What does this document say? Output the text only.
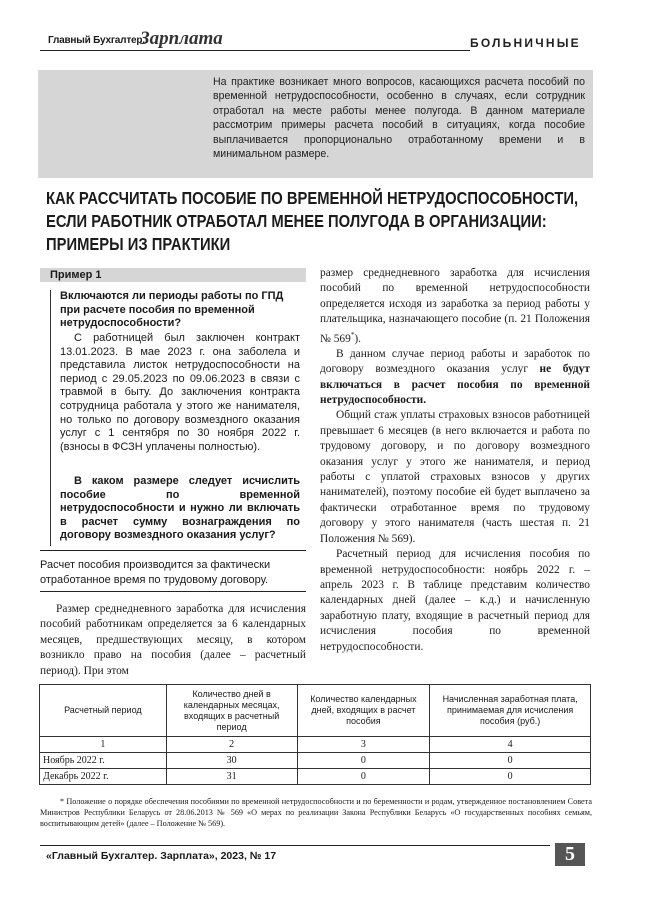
Главный Бухгалтер.
Зарплата	БОЛЬНИЧНЫЕ
На практике возникает много вопросов, касающихся расчета пособий по временной нетрудоспособности, особенно в случаях, если сотрудник отработал на месте работы менее полугода. В данном материале рассмотрим примеры расчета пособий в ситуациях, когда пособие выплачивается пропорционально отработанному времени и в минимальном размере.
КАК РАССЧИТАТЬ ПОСОБИЕ ПО ВРЕМЕННОЙ НЕТРУДОСПОСОБНОСТИ,
ЕСЛИ РАБОТНИК ОТРАБОТАЛ МЕНЕЕ ПОЛУГОДА В ОРГАНИЗАЦИИ:
ПРИМЕРЫ ИЗ ПРАКТИКИ
Пример 1
Включаются ли периоды работы по ГПД при расчете пособия по временной нетрудоспособности?
С работницей был заключен контракт 13.01.2023. В мае 2023 г. она заболела и представила листок нетрудоспособности на период с 29.05.2023 по 09.06.2023 в связи с травмой в быту. До заключения контракта сотрудница работала у этого же нанимателя, но только по договору возмездного оказания услуг с 1 сентября по 30 ноября 2022 г. (взносы в ФСЗН уплачены полностью).
В каком размере следует исчислить пособие по временной нетрудоспособности и нужно ли включать в расчет сумму вознаграждения по договору возмездного оказания услуг?
Расчет пособия производится за фактически отработанное время по трудовому договору.

Размер среднедневного заработка для исчисления пособий работникам определяется за 6 календарных месяцев, предшествующих месяцу, в котором возникло право на пособия (далее – расчетный период). При этом

размер среднедневного заработка для исчисления пособий по временной нетрудоспособности определяется исходя из заработка за период работы у плательщика, назначающего пособие (п. 21 Положения № 569*).

В данном случае период работы и заработок по договору возмездного оказания услуг не будут включаться в расчет пособия по временной нетрудоспособности.

Общий стаж уплаты страховых взносов работницей превышает 6 месяцев (в него включается и работа по трудовому договору, и по договору возмездного оказания услуг у этого же нанимателя, и период работы с уплатой страховых взносов у других нанимателей), поэтому пособие ей будет выплачено за фактически отработанное время по трудовому договору у этого нанимателя (часть шестая п. 21 Положения № 569).

Расчетный период для исчисления пособия по временной нетрудоспособности: ноябрь 2022 г. – апрель 2023 г. В таблице представим количество календарных дней (далее – к.д.) и начисленную заработную плату, входящие в расчетный период для исчисления пособия по временной нетрудоспособности.

Расчетный период	Количество дней в календарных месяцах, входящих в расчетный период	Количество календарных дней, входящих в расчет пособия	Начисленная заработная плата, принимаемая для исчисления пособия (руб.)
1	2	3	4
Ноябрь 2022 г.	30	0	0
Декабрь 2022 г.	31	0	0
* Положение о порядке обеспечения пособиями по временной нетрудоспособности и по беременности и родам, утвержденное постановлением Совета Министров Республики Беларусь от 28.06.2013 № 569 «О мерах по реализации Закона Республики Беларусь «О государственных пособиях семьям, воспитывающим детей» (далее – Положение № 569).
«Главный Бухгалтер. Зарплата», 2023, № 17	5
